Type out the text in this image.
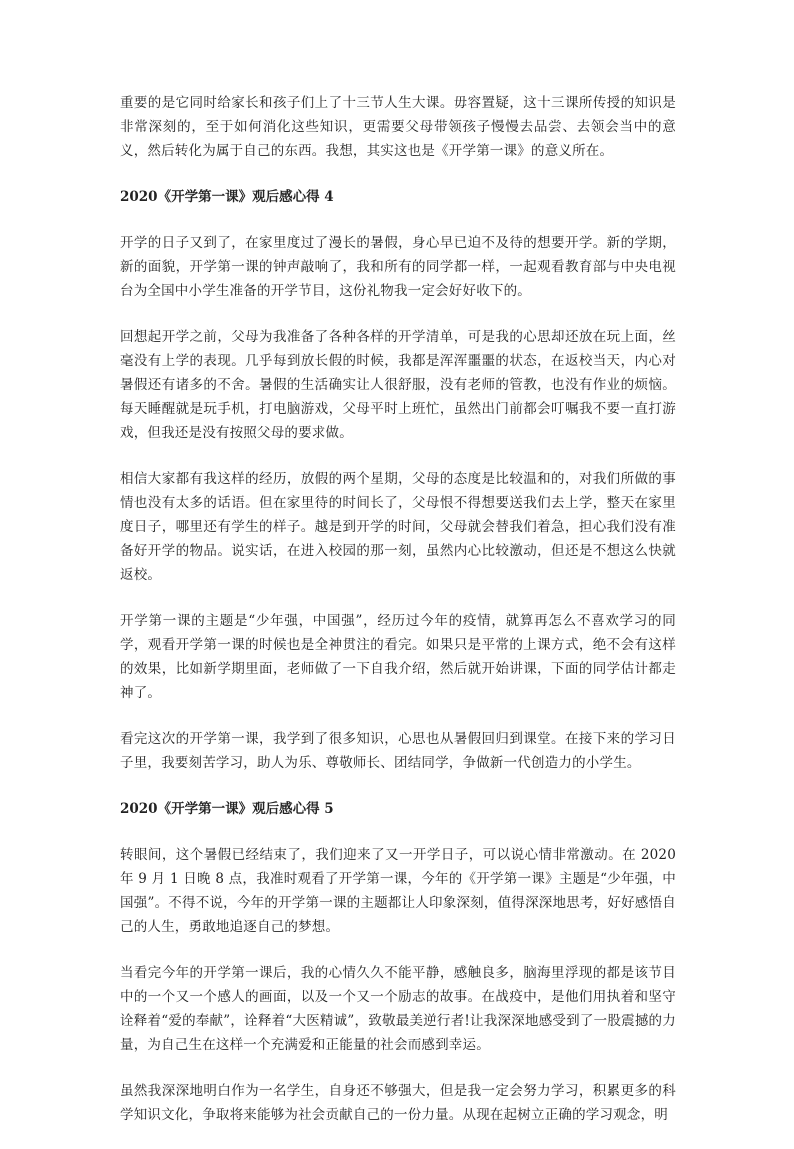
重要的是它同时给家长和孩子们上了十三节人生大课。毋容置疑，这十三课所传授的知识是非常深刻的，至于如何消化这些知识，更需要父母带领孩子慢慢去品尝、去领会当中的意义，然后转化为属于自己的东西。我想，其实这也是《开学第一课》的意义所在。

2020《开学第一课》观后感心得 4

开学的日子又到了，在家里度过了漫长的暑假，身心早已迫不及待的想要开学。新的学期，新的面貌，开学第一课的钟声敲响了，我和所有的同学都一样，一起观看教育部与中央电视台为全国中小学生准备的开学节目，这份礼物我一定会好好收下的。

回想起开学之前，父母为我准备了各种各样的开学清单，可是我的心思却还放在玩上面，丝毫没有上学的表现。几乎每到放长假的时候，我都是浑浑噩噩的状态，在返校当天，内心对暑假还有诸多的不舍。暑假的生活确实让人很舒服，没有老师的管教，也没有作业的烦恼。每天睡醒就是玩手机，打电脑游戏，父母平时上班忙，虽然出门前都会叮嘱我不要一直打游戏，但我还是没有按照父母的要求做。

相信大家都有我这样的经历，放假的两个星期，父母的态度是比较温和的，对我们所做的事情也没有太多的话语。但在家里待的时间长了，父母恨不得想要送我们去上学，整天在家里度日子，哪里还有学生的样子。越是到开学的时间，父母就会替我们着急，担心我们没有准备好开学的物品。说实话，在进入校园的那一刻，虽然内心比较激动，但还是不想这么快就返校。

开学第一课的主题是“少年强，中国强”，经历过今年的疫情，就算再怎么不喜欢学习的同学，观看开学第一课的时候也是全神贯注的看完。如果只是平常的上课方式，绝不会有这样的效果，比如新学期里面，老师做了一下自我介绍，然后就开始讲课，下面的同学估计都走神了。

看完这次的开学第一课，我学到了很多知识，心思也从暑假回归到课堂。在接下来的学习日子里，我要刻苦学习，助人为乐、尊敬师长、团结同学，争做新一代创造力的小学生。

2020《开学第一课》观后感心得 5

转眼间，这个暑假已经结束了，我们迎来了又一开学日子，可以说心情非常激动。在 2020 年 9 月 1 日晚 8 点，我准时观看了开学第一课，今年的《开学第一课》主题是“少年强，中国强”。不得不说，今年的开学第一课的主题都让人印象深刻，值得深深地思考，好好感悟自己的人生，勇敢地追逐自己的梦想。

当看完今年的开学第一课后，我的心情久久不能平静，感触良多，脑海里浮现的都是该节目中的一个又一个感人的画面，以及一个又一个励志的故事。在战疫中，是他们用执着和坚守诠释着“爱的奉献”，诠释着“大医精诚”，致敬最美逆行者!让我深深地感受到了一股震撼的力量，为自己生在这样一个充满爱和正能量的社会而感到幸运。

虽然我深深地明白作为一名学生，自身还不够强大，但是我一定会努力学习，积累更多的科学知识文化，争取将来能够为社会贡献自己的一份力量。从现在起树立正确的学习观念，明
